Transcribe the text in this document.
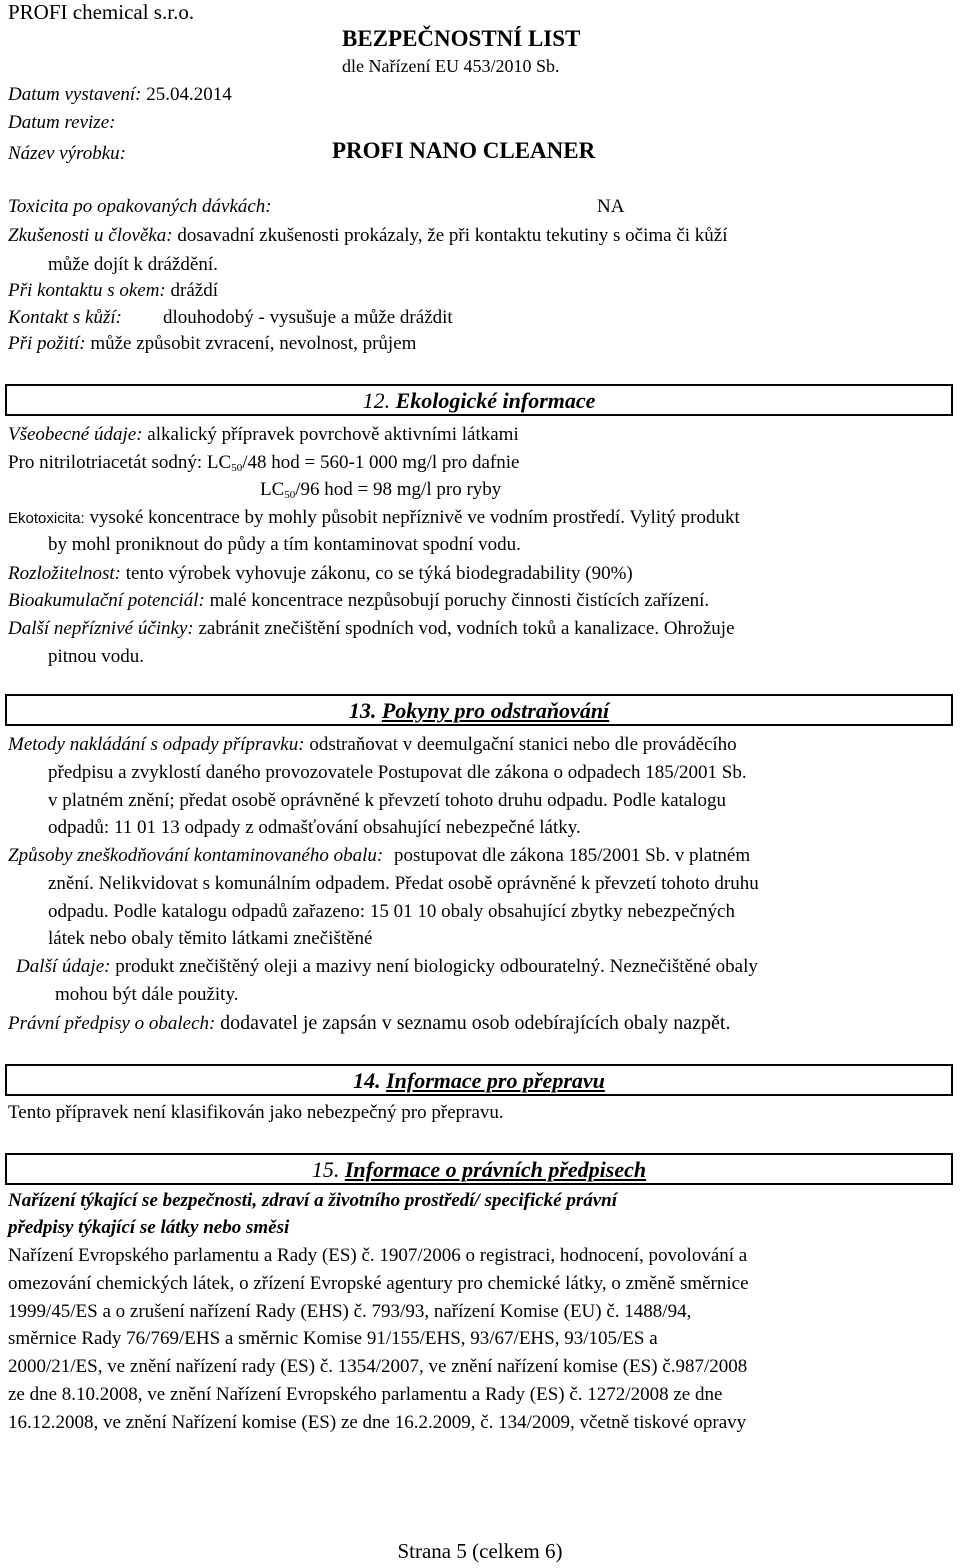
PROFI chemical s.r.o.
BEZPEČNOSTNÍ LIST
dle Nařízení EU 453/2010 Sb.
Datum vystavení: 25.04.2014
Datum revize:
Název výrobku:	PROFI NANO CLEANER
Toxicita po opakovaných dávkách:	NA
Zkušenosti u člověka: dosavadní zkušenosti prokázaly, že při kontaktu tekutiny s očima či kůží
může dojít k dráždění.
Při kontaktu s okem: dráždí
Kontakt s kůží: dlouhodobý - vysušuje a může dráždit
Při požití: může způsobit zvracení, nevolnost, průjem
12. Ekologické informace
Všeobecné údaje: alkalický přípravek povrchově aktivními látkami
Pro nitrilotriacetát sodný: $LC_{50}/48$ hod = 560-1 000 mg/l pro dafnie
$LC_{50}/96$ hod = 98 mg/l pro ryby
Ekotoxicita: vysoké koncentrace by mohly působit nepříznivě ve vodním prostředí. Vylitý produkt
by mohl proniknout do půdy a tím kontaminovat spodní vodu.
Rozložitelnost: tento výrobek vyhovuje zákonu, co se týká biodegradability (90%)
Bioakumulační potenciál: malé koncentrace nezpůsobují poruchy činnosti čistících zařízení.
Další nepříznivé účinky: zabránit znečištění spodních vod, vodních toků a kanalizace. Ohrožuje
pitnou vodu.
13. Pokyny pro odstraňování
Metody nakládání s odpady přípravku: odstraňovat v deemulgační stanici nebo dle prováděcího
předpisu a zvyklostí daného provozovatele Postupovat dle zákona o odpadech 185/2001 Sb.
v platném znění; předat osobě oprávněné k převzetí tohoto druhu odpadu. Podle katalogu
odpadů: 11 01 13 odpady z odmašťování obsahující nebezpečné látky.
Způsoby zneškodňování kontaminovaného obalu: postupovat dle zákona 185/2001 Sb. v platném
znění. Nelikvidovat s komunálním odpadem. Předat osobě oprávněné k převzetí tohoto druhu
odpadu. Podle katalogu odpadů zařazeno: 15 01 10 obaly obsahující zbytky nebezpečných
látek nebo obaly těmito látkami znečištěné
Další údaje: produkt znečištěný oleji a mazivy není biologicky odbouratelný. Neznečištěné obaly
mohou být dále použity.
Právní předpisy o obalech: dodavatel je zapsán v seznamu osob odebírajících obaly nazpět.
14. Informace pro přepravu
Tento přípravek není klasifikován jako nebezpečný pro přepravu.
15. Informace o právních předpisech
Nařízení týkající se bezpečnosti, zdraví a životního prostředí/ specifické právní
předpisy týkající se látky nebo směsi
Nařízení Evropského parlamentu a Rady (ES) č. 1907/2006 o registraci, hodnocení, povolování a
omezování chemických látek, o zřízení Evropské agentury pro chemické látky, o změně směrnice
1999/45/ES a o zrušení nařízení Rady (EHS) č. 793/93, nařízení Komise (EU) č. 1488/94,
směrnice Rady 76/769/EHS a směrnic Komise 91/155/EHS, 93/67/EHS, 93/105/ES a
2000/21/ES, ve znění nařízení rady (ES) č. 1354/2007, ve znění nařízení komise (ES) č.987/2008
ze dne 8.10.2008, ve znění Nařízení Evropského parlamentu a Rady (ES) č. 1272/2008 ze dne
16.12.2008, ve znění Nařízení komise (ES) ze dne 16.2.2009, č. 134/2009, včetně tiskové opravy
Strana 5 (celkem 6)
